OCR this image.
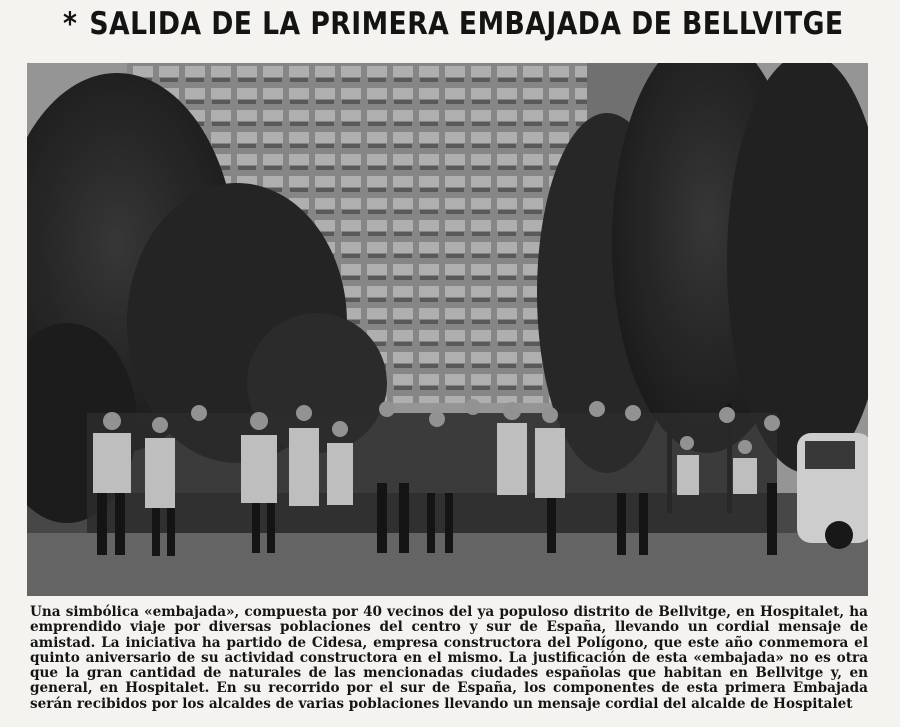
* SALIDA DE LA PRIMERA EMBAJADA DE BELLVITGE

Una simbólica «embajada», compuesta por 40 vecinos del ya populoso distrito de Bellvitge, en Hospitalet, ha emprendido viaje por diversas poblaciones del centro y sur de España, llevando un cordial mensaje de amistad. La iniciativa ha partido de Cidesa, empresa constructora del Polígono, que este año conmemora el quinto aniversario de su actividad constructora en el mismo. La justificación de esta «embajada» no es otra que la gran cantidad de naturales de las mencionadas ciudades españolas que habitan en Bellvitge y, en general, en Hospitalet. En su recorrido por el sur de España, los componentes de esta primera Embajada serán recibidos por los alcaldes de varias poblaciones llevando un mensaje cordial del alcalde de Hospitalet
